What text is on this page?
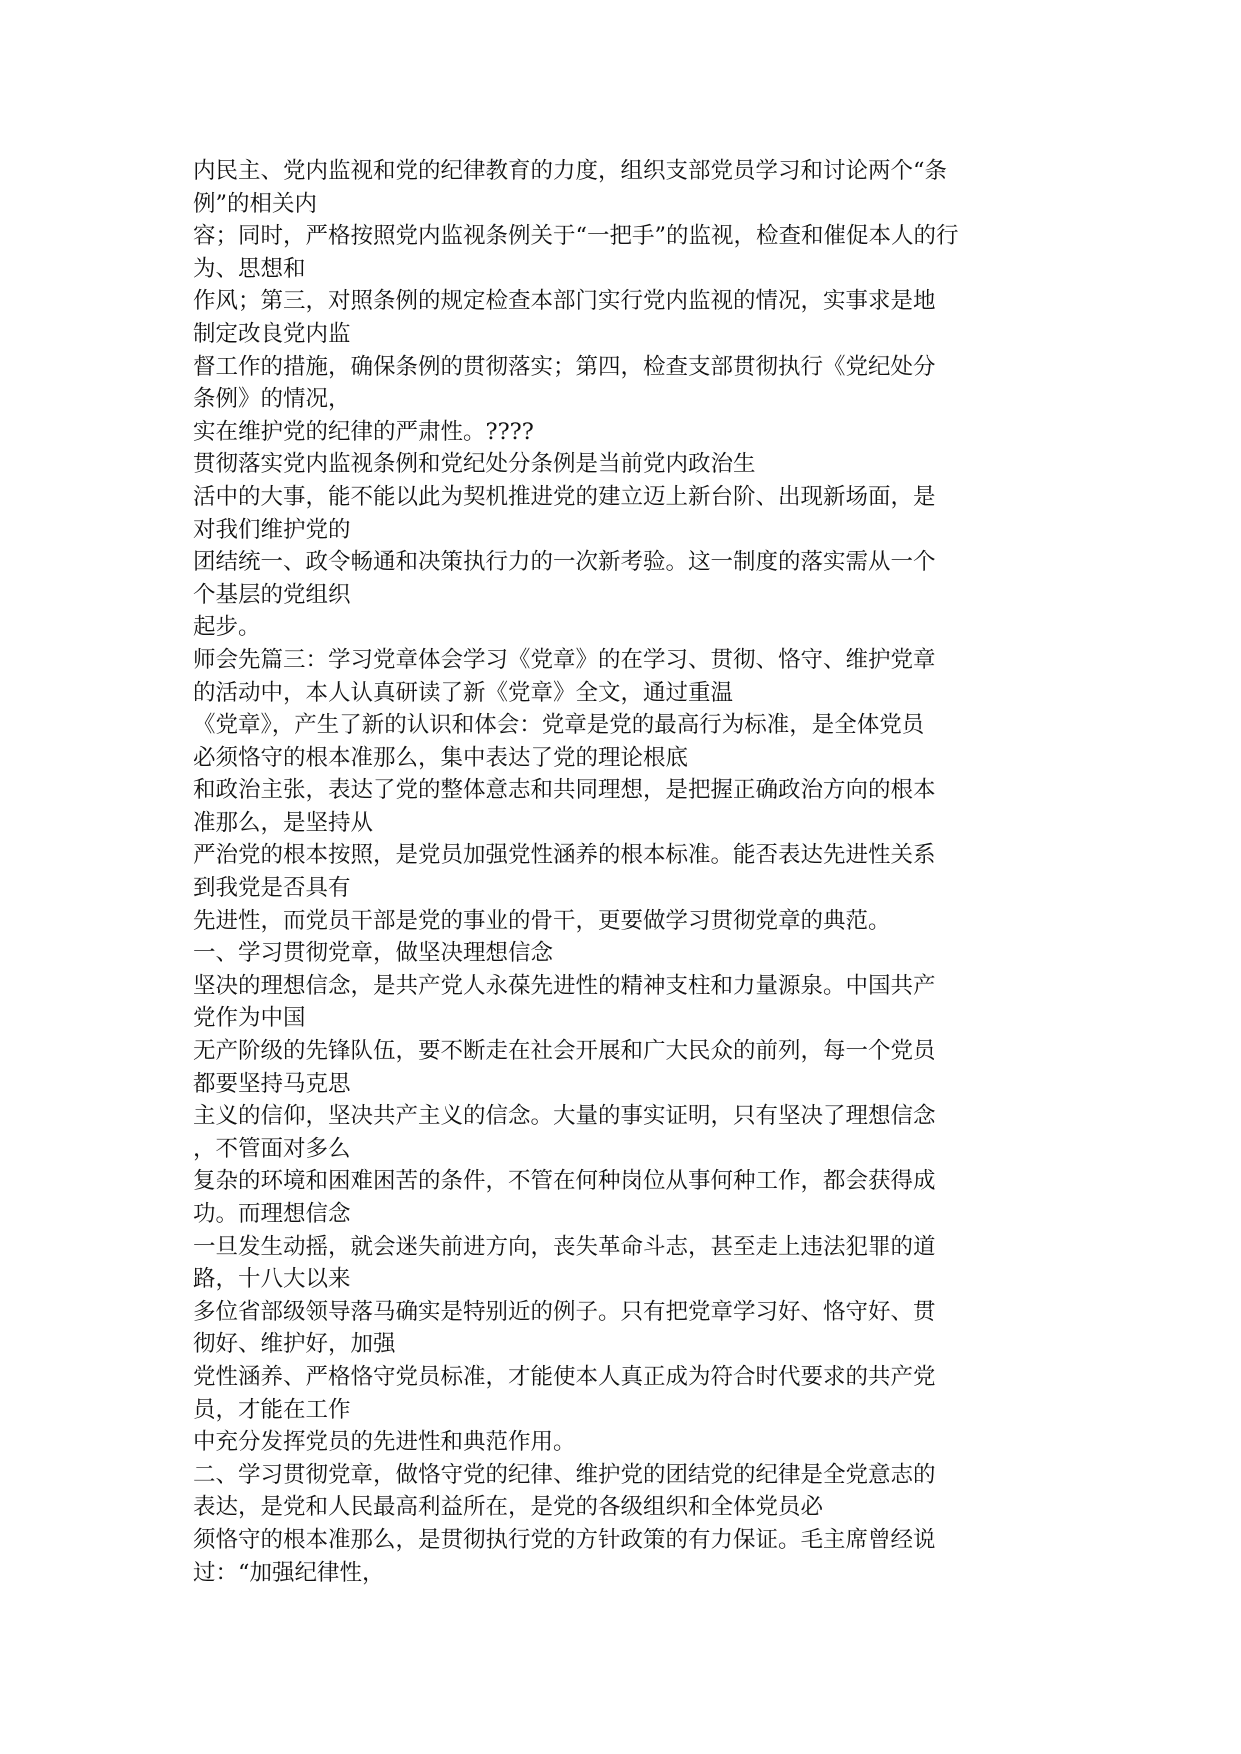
内民主、党内监视和党的纪律教育的力度，组织支部党员学习和讨论两个“条
例”的相关内
容；同时，严格按照党内监视条例关于“一把手”的监视，检查和催促本人的行
为、思想和
作风；第三，对照条例的规定检查本部门实行党内监视的情况，实事求是地
制定改良党内监
督工作的措施，确保条例的贯彻落实；第四，检查支部贯彻执行《党纪处分
条例》的情况，
实在维护党的纪律的严肃性。????
贯彻落实党内监视条例和党纪处分条例是当前党内政治生
活中的大事，能不能以此为契机推进党的建立迈上新台阶、出现新场面，是
对我们维护党的
团结统一、政令畅通和决策执行力的一次新考验。这一制度的落实需从一个
个基层的党组织
起步。
师会先篇三：学习党章体会学习《党章》的在学习、贯彻、恪守、维护党章
的活动中，本人认真研读了新《党章》全文，通过重温
《党章》，产生了新的认识和体会：党章是党的最高行为标准，是全体党员
必须恪守的根本准那么，集中表达了党的理论根底
和政治主张，表达了党的整体意志和共同理想，是把握正确政治方向的根本
准那么，是坚持从
严治党的根本按照，是党员加强党性涵养的根本标准。能否表达先进性关系
到我党是否具有
先进性，而党员干部是党的事业的骨干，更要做学习贯彻党章的典范。
一、学习贯彻党章，做坚决理想信念
坚决的理想信念，是共产党人永葆先进性的精神支柱和力量源泉。中国共产
党作为中国
无产阶级的先锋队伍，要不断走在社会开展和广大民众的前列，每一个党员
都要坚持马克思
主义的信仰，坚决共产主义的信念。大量的事实证明，只有坚决了理想信念
，不管面对多么
复杂的环境和困难困苦的条件，不管在何种岗位从事何种工作，都会获得成
功。而理想信念
一旦发生动摇，就会迷失前进方向，丧失革命斗志，甚至走上违法犯罪的道
路，十八大以来
多位省部级领导落马确实是特别近的例子。只有把党章学习好、恪守好、贯
彻好、维护好，加强
党性涵养、严格恪守党员标准，才能使本人真正成为符合时代要求的共产党
员，才能在工作
中充分发挥党员的先进性和典范作用。
二、学习贯彻党章，做恪守党的纪律、维护党的团结党的纪律是全党意志的
表达，是党和人民最高利益所在，是党的各级组织和全体党员必
须恪守的根本准那么，是贯彻执行党的方针政策的有力保证。毛主席曾经说
过：“加强纪律性，
